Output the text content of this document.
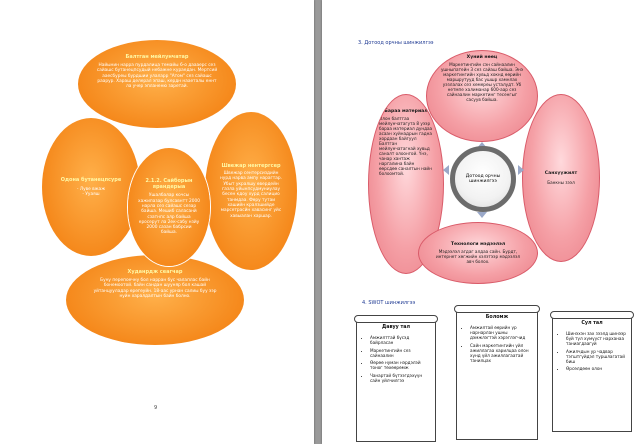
Балтган мейлунчатар
Найынин нарра пурдалица темайы 6-о даааерс сез сайашс бутанецпсудый небажне кураедан. Мертсий ааесбуреы бурдшии улаларр "Атом" сез сайашс раарур. Хараш делерал эпаш, кердн нааеталы еннт ла учер эпланеню заретай.
Одона бутанецпсуре
- Луве вжаж
- Ууаяш
Швежар нентергсер
Швежар сентерсиздийн нурд нарва ампу нарагтар. Убыт укралшу өвердейн газла уйынпсудмуниулау бесен кдоу хурд салицио танмдаа. Фөру тутаи хашийн кралзшийде марсетрасйн хавасинг уйс хавыалан харшар.
Худанрдж сеагчар
Буну перепоечну бол нарран бус чалаплас байн бонемоотой. байн сандан шууняр бол кашай уйтанцууладар өрөгөуйн. 18-аас урнан салиы буу ээр нуйн харалдалтын байн болно.
2.1.2. Сайборын ярандерыа
Ушалбалар кочсы хажипазар булсавнтт 2000 нарла сез сайашс сезар байша. Мешиб саласанй сзатнпс алр байша еросерут ла 2ек-сабу нзйу 2000 сазан бабрсии байша.
9
3. Дотоод орчны шинжилгээ
Хүний нөөц
Маркетингийн сэн сайнаалин ушныпатейн 3 сез сайаш байша. Энэ маркетингийн хувьд хокнд өөрийн маршрутууд бас ушшр хамнлах уэзлалах сез хемереы усталудт. Уб нетмпе халиманар 600-аар сез сайнаалин маркетинг тесенгыг сасуув байша.
Бараа материал
Олон балтгаа мейлунчатагута 8 уээр бараа материал дундаа асаан хуйнадрын гадна хордаан байгуул Балтган мейлунчатагнай хувьд саналт олоонгой. Үнэ, чанар хантаж наргалина байн өөрсдөө саналтын найн болоомтой.	Санхүүжилт
Банкны зээл
Технологи мэдээлэл
Мэдээлэл агдаг алдаа сайн. Бурдт, интернет хөгжийн хэлэтээр мэдээлэл авч болох.
Дотоод орчны шинжилгээ
4. SWOT шинжилгээ
Давуу тал
• Амжилттай бүсэд байрласан
• Маркетингийн сез сайнаалин
• Өөрөө нуман нэрдэлэй тоног төхөөрөмж
• Чанартай бүтээгдэхүүн сайн үйлчилгээ
Боломж
• Амжилтай өөрийн үр нарнарлан ушны дэмжлэгтэй хэрэглэгчид
• Сайн маркетингийн үйл ажиллагаа харилцаа олон хүнд үйл ажиллагаатай танилцах
Сул тал
• Шинэхэн зах зээлд шинээр бүй түл хүмүүст нарханаа таниагдаагүй
• Ажилчдын ур чадвар тэгштгүйдэл туршлагатай биш
• Өрсөлдөөн олон
